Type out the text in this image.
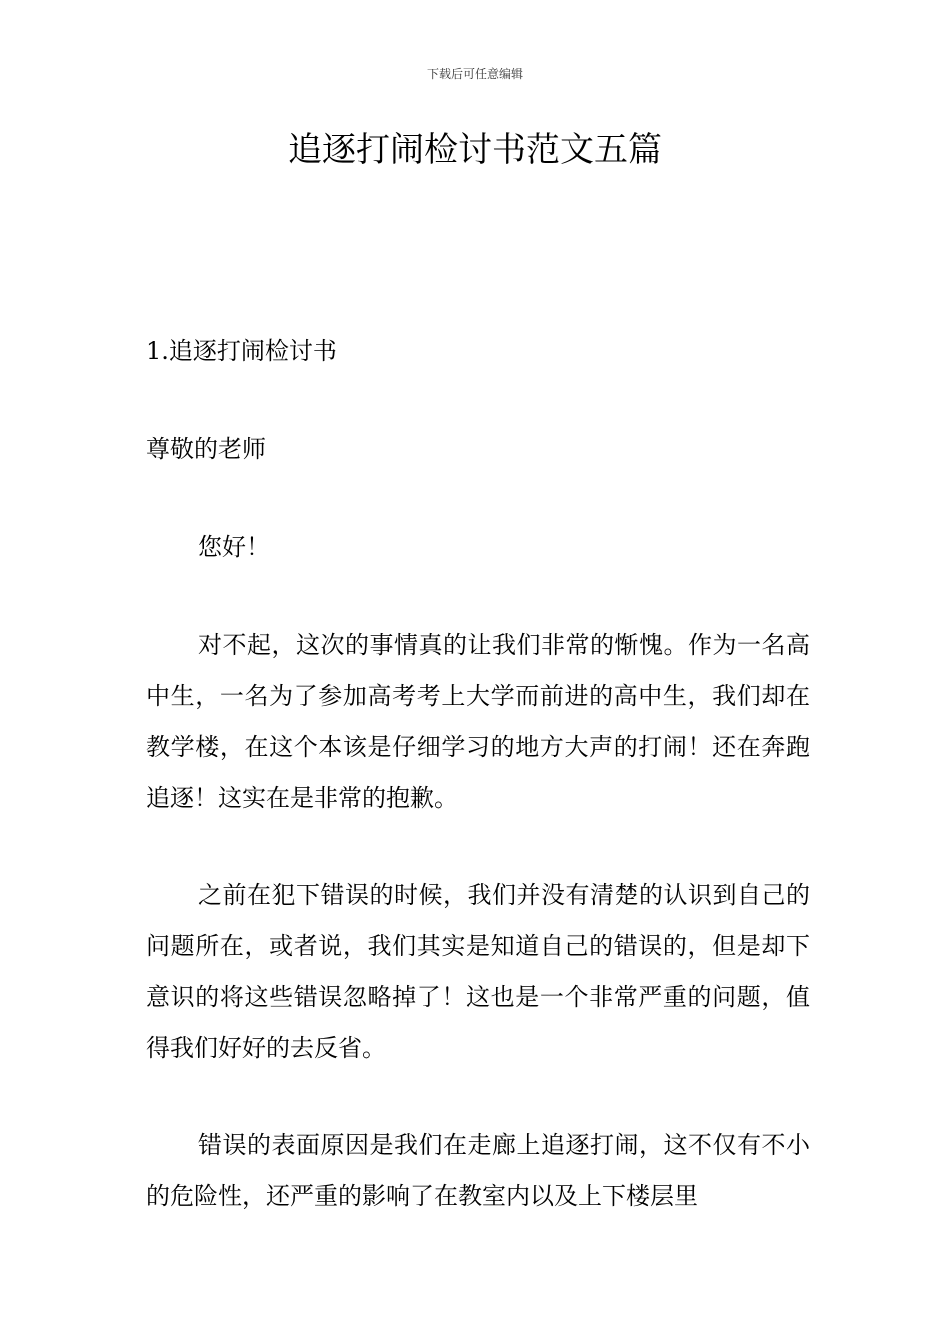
下载后可任意编辑
追逐打闹检讨书范文五篇

1.追逐打闹检讨书

尊敬的老师

您好！

对不起，这次的事情真的让我们非常的惭愧。作为一名高中生，一名为了参加高考考上大学而前进的高中生，我们却在教学楼，在这个本该是仔细学习的地方大声的打闹！还在奔跑追逐！这实在是非常的抱歉。

之前在犯下错误的时候，我们并没有清楚的认识到自己的问题所在，或者说，我们其实是知道自己的错误的，但是却下意识的将这些错误忽略掉了！这也是一个非常严重的问题，值得我们好好的去反省。

错误的表面原因是我们在走廊上追逐打闹，这不仅有不小的危险性，还严重的影响了在教室内以及上下楼层里
